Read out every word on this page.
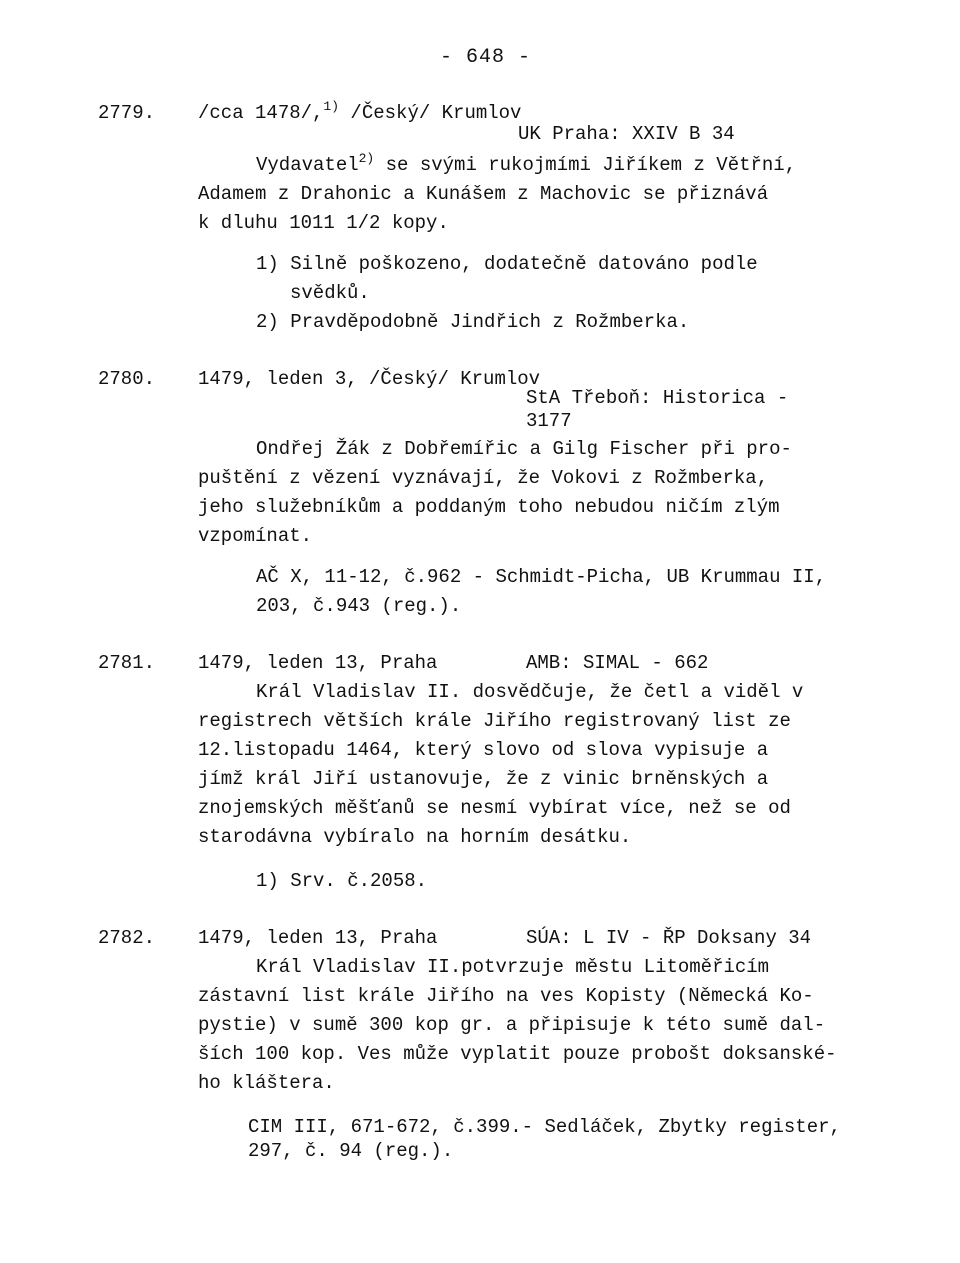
- 648 -
2779. /cca 1478/,$^{1)}$ /Český/ Krumlov
UK Praha: XXIV B 34
Vydavatel$^{2)}$ se svými rukojmími Jiříkem z Větřní,
Adamem z Drahonic a Kunášem z Machovic se přiznává
k dluhu 1011 1/2 kopy.
1) Silně poškozeno, dodatečně datováno podle
svědků.
2) Pravděpodobně Jindřich z Rožmberka.
2780. 1479, leden 3, /Český/ Krumlov
StA Třeboň: Historica -
3177
Ondřej Žák z Dobřemířic a Gilg Fischer při pro-
puštění z vězení vyznávají, že Vokovi z Rožmberka,
jeho služebníkům a poddaným toho nebudou ničím zlým
vzpomínat.
AČ X, 11-12, č.962 - Schmidt-Picha, UB Krummau II,
203, č.943 (reg.).
2781. 1479, leden 13, Praha	AMB: SIMAL - 662
Král Vladislav II. dosvědčuje, že četl a viděl v
registrech větších krále Jiřího registrovaný list ze
12.listopadu 1464, který slovo od slova vypisuje a
jímž král Jiří ustanovuje, že z vinic brněnských a
znojemských měšťanů se nesmí vybírat více, než se od
starodávna vybíralo na horním desátku.
1) Srv. č.2058.
2782. 1479, leden 13, Praha	SÚA: L IV - ŘP Doksany 34
Král Vladislav II.potvrzuje městu Litoměřicím
zástavní list krále Jiřího na ves Kopisty (Německá Ko-
pystie) v sumě 300 kop gr. a připisuje k této sumě dal-
ších 100 kop. Ves může vyplatit pouze probošt doksanské-
ho kláštera.
CIM III, 671-672, č.399.- Sedláček, Zbytky register,
297, č. 94 (reg.).
